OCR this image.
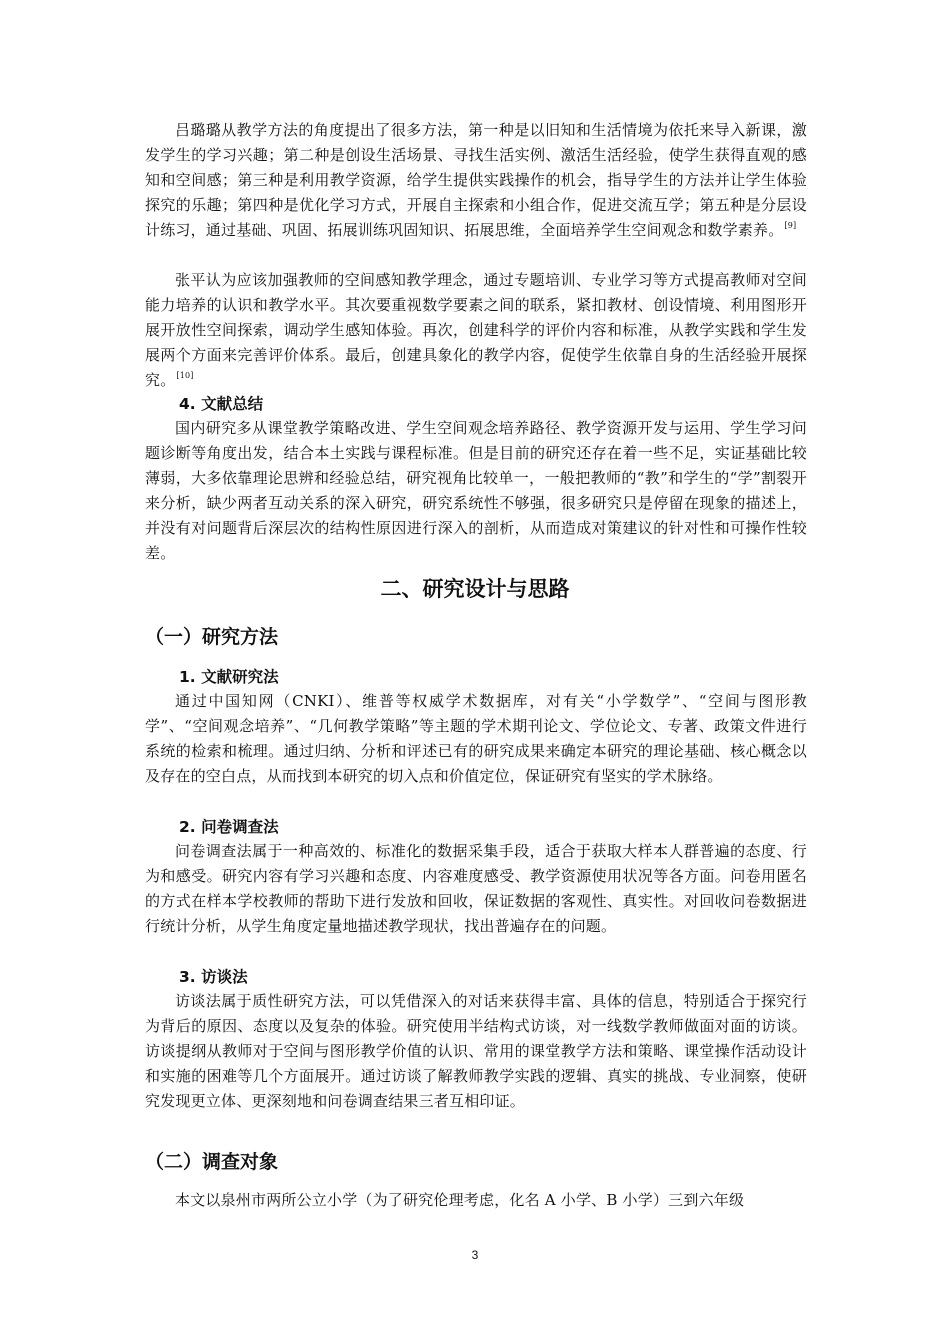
吕璐璐从教学方法的角度提出了很多方法，第一种是以旧知和生活情境为依托来导入新课，激发学生的学习兴趣；第二种是创设生活场景、寻找生活实例、激活生活经验，使学生获得直观的感知和空间感；第三种是利用教学资源，给学生提供实践操作的机会，指导学生的方法并让学生体验探究的乐趣；第四种是优化学习方式，开展自主探索和小组合作，促进交流互学；第五种是分层设计练习，通过基础、巩固、拓展训练巩固知识、拓展思维，全面培养学生空间观念和数学素养。[9]

张平认为应该加强教师的空间感知教学理念，通过专题培训、专业学习等方式提高教师对空间能力培养的认识和教学水平。其次要重视数学要素之间的联系，紧扣教材、创设情境、利用图形开展开放性空间探索，调动学生感知体验。再次，创建科学的评价内容和标准，从教学实践和学生发展两个方面来完善评价体系。最后，创建具象化的教学内容，促使学生依靠自身的生活经验开展探究。[10]

4. 文献总结

国内研究多从课堂教学策略改进、学生空间观念培养路径、教学资源开发与运用、学生学习问题诊断等角度出发，结合本土实践与课程标准。但是目前的研究还存在着一些不足，实证基础比较薄弱，大多依靠理论思辨和经验总结，研究视角比较单一，一般把教师的“教”和学生的“学”割裂开来分析，缺少两者互动关系的深入研究，研究系统性不够强，很多研究只是停留在现象的描述上，并没有对问题背后深层次的结构性原因进行深入的剖析，从而造成对策建议的针对性和可操作性较差。

二、研究设计与思路
（一）研究方法
1. 文献研究法

通过中国知网（CNKI）、维普等权威学术数据库，对有关“小学数学”、“空间与图形教学”、“空间观念培养”、“几何教学策略”等主题的学术期刊论文、学位论文、专著、政策文件进行系统的检索和梳理。通过归纳、分析和评述已有的研究成果来确定本研究的理论基础、核心概念以及存在的空白点，从而找到本研究的切入点和价值定位，保证研究有坚实的学术脉络。

2. 问卷调查法

问卷调查法属于一种高效的、标准化的数据采集手段，适合于获取大样本人群普遍的态度、行为和感受。研究内容有学习兴趣和态度、内容难度感受、教学资源使用状况等各方面。问卷用匿名的方式在样本学校教师的帮助下进行发放和回收，保证数据的客观性、真实性。对回收问卷数据进行统计分析，从学生角度定量地描述教学现状，找出普遍存在的问题。

3. 访谈法

访谈法属于质性研究方法，可以凭借深入的对话来获得丰富、具体的信息，特别适合于探究行为背后的原因、态度以及复杂的体验。研究使用半结构式访谈，对一线数学教师做面对面的访谈。访谈提纲从教师对于空间与图形教学价值的认识、常用的课堂教学方法和策略、课堂操作活动设计和实施的困难等几个方面展开。通过访谈了解教师教学实践的逻辑、真实的挑战、专业洞察，使研究发现更立体、更深刻地和问卷调查结果三者互相印证。

（二）调查对象

本文以泉州市两所公立小学（为了研究伦理考虑，化名 A 小学、B 小学）三到六年级

3
